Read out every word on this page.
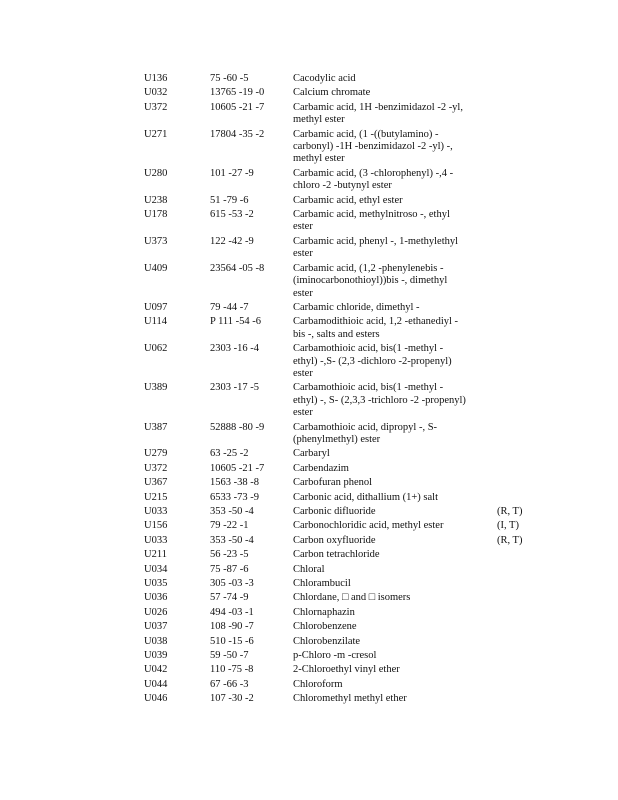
U136	75 -60 -5	Cacodylic acid	
U032	13765 -19 -0	Calcium chromate	
U372	10605 -21 -7	Carbamic acid, 1H -benzimidazol -2 -yl,
methyl ester	
U271	17804 -35 -2	Carbamic acid, (1 -((butylamino) -
carbonyl) -1H -benzimidazol -2 -yl) -,
methyl ester	
U280	101 -27 -9	Carbamic acid, (3 -chlorophenyl) -,4 -
chloro -2 -butynyl ester	
U238	51 -79 -6	Carbamic acid, ethyl ester	
U178	615 -53 -2	Carbamic acid, methylnitroso -, ethyl
ester	
U373	122 -42 -9	Carbamic acid, phenyl -, 1-methylethyl
ester	
U409	23564 -05 -8	Carbamic acid, (1,2 -phenylenebis -
(iminocarbonothioyl))bis -, dimethyl
ester	
U097	79 -44 -7	Carbamic chloride, dimethyl -	
U114	P 111 -54 -6	Carbamodithioic acid, 1,2 -ethanediyl -
bis -, salts and esters	
U062	2303 -16 -4	Carbamothioic acid, bis(1 -methyl -
ethyl) -,S- (2,3 -dichloro -2-propenyl)
ester	
U389	2303 -17 -5	Carbamothioic acid, bis(1 -methyl -
ethyl) -, S- (2,3,3 -trichloro -2 -propenyl)
ester	
U387	52888 -80 -9	Carbamothioic acid, dipropyl -, S-
(phenylmethyl) ester	
U279	63 -25 -2	Carbaryl	
U372	10605 -21 -7	Carbendazim	
U367	1563 -38 -8	Carbofuran phenol	
U215	6533 -73 -9	Carbonic acid, dithallium (1+) salt	
U033	353 -50 -4	Carbonic difluoride	(R, T)
U156	79 -22 -1	Carbonochloridic acid, methyl ester	(I, T)
U033	353 -50 -4	Carbon oxyfluoride	(R, T)
U211	56 -23 -5	Carbon tetrachloride	
U034	75 -87 -6	Chloral	
U035	305 -03 -3	Chlorambucil	
U036	57 -74 -9	Chlordane, □ and □ isomers	
U026	494 -03 -1	Chlornaphazin	
U037	108 -90 -7	Chlorobenzene	
U038	510 -15 -6	Chlorobenzilate	
U039	59 -50 -7	p-Chloro -m -cresol	
U042	110 -75 -8	2-Chloroethyl vinyl ether	
U044	67 -66 -3	Chloroform	
U046	107 -30 -2	Chloromethyl methyl ether	
